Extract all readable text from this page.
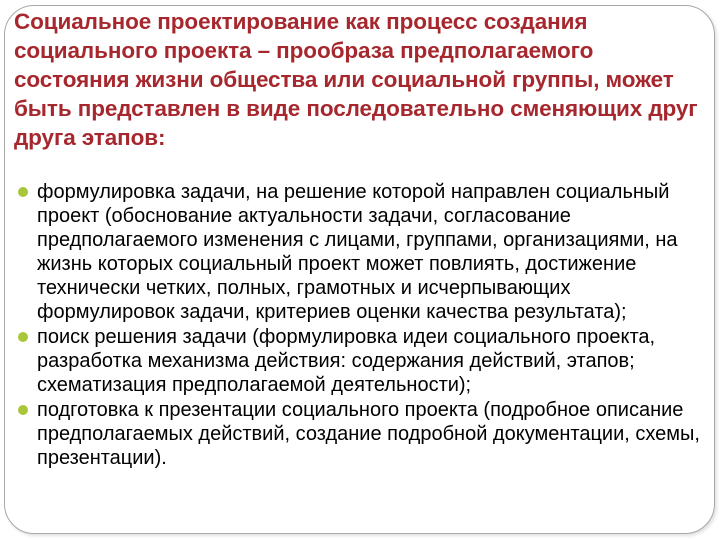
Социальное проектирование как процесс создания социального проекта – прообраза предполагаемого состояния жизни общества или социальной группы, может быть представлен в виде последовательно сменяющих друг друга этапов:
формулировка задачи, на решение которой направлен социальный проект (обоснование актуальности задачи, согласование предполагаемого изменения с лицами, группами, организациями, на жизнь которых социальный проект может повлиять, достижение технически четких, полных, грамотных и исчерпывающих формулировок задачи, критериев оценки качества результата);
поиск решения задачи (формулировка идеи социального проекта, разработка механизма действия: содержания действий, этапов; схематизация предполагаемой деятельности);
подготовка к презентации социального проекта (подробное описание предполагаемых действий, создание подробной документации, схемы, презентации).
